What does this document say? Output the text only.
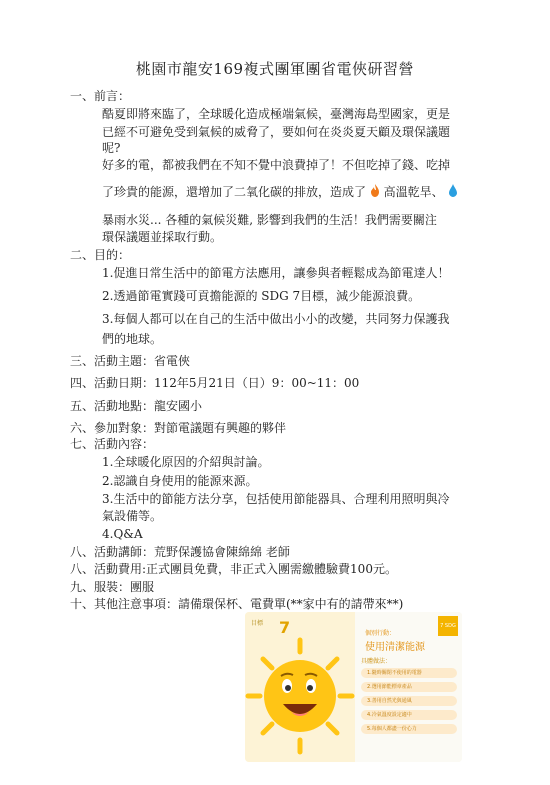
桃園市龍安169複式團軍團省電俠研習營
一、前言：
酷夏即將來臨了，全球暖化造成極端氣候，臺灣海島型國家，更是
已經不可避免受到氣候的威脅了，要如何在炎炎夏天顧及環保議題
呢?
好多的電，都被我們在不知不覺中浪費掉了！不但吃掉了錢、吃掉
了珍貴的能源，還增加了二氧化碳的排放，造成了 高溫乾旱、
暴雨水災... 各種的氣候災難, 影響到我們的生活！我們需要關注
環保議題並採取行動。
二、目的：
1.促進日常生活中的節電方法應用，讓參與者輕鬆成為節電達人！
2.透過節電實踐可貢擔能源的 SDG 7目標，減少能源浪費。
3.每個人都可以在自己的生活中做出小小的改變，共同努力保護我
們的地球。
三、活動主題：省電俠
四、活動日期：112年5月21日（日）9：00~11：00
五、活動地點：龍安國小
六、參加對象：對節電議題有興趣的夥伴
七、活動內容：
1.全球暖化原因的介紹與討論。
2.認識自身使用的能源來源。
3.生活中的節能方法分享，包括使用節能器具、合理利用照明與冷
氣設備等。
4.Q&A
八、活動講師：荒野保護協會陳綿綿 老師
八、活動費用:正式團員免費，非正式入團需繳體驗費100元。
九、服裝：團服
十、其他注意事項：請備環保杯、電費單(**家中有的請帶來**)
目標 7	7 SDG
個別行動：
使用清潔能源
具體做法：
1.隨時關閉不使用的電器
2.選用節能標章產品
3.善用自然光與通風
4.冷氣溫度設定適中
5.每個人都盡一份心力
